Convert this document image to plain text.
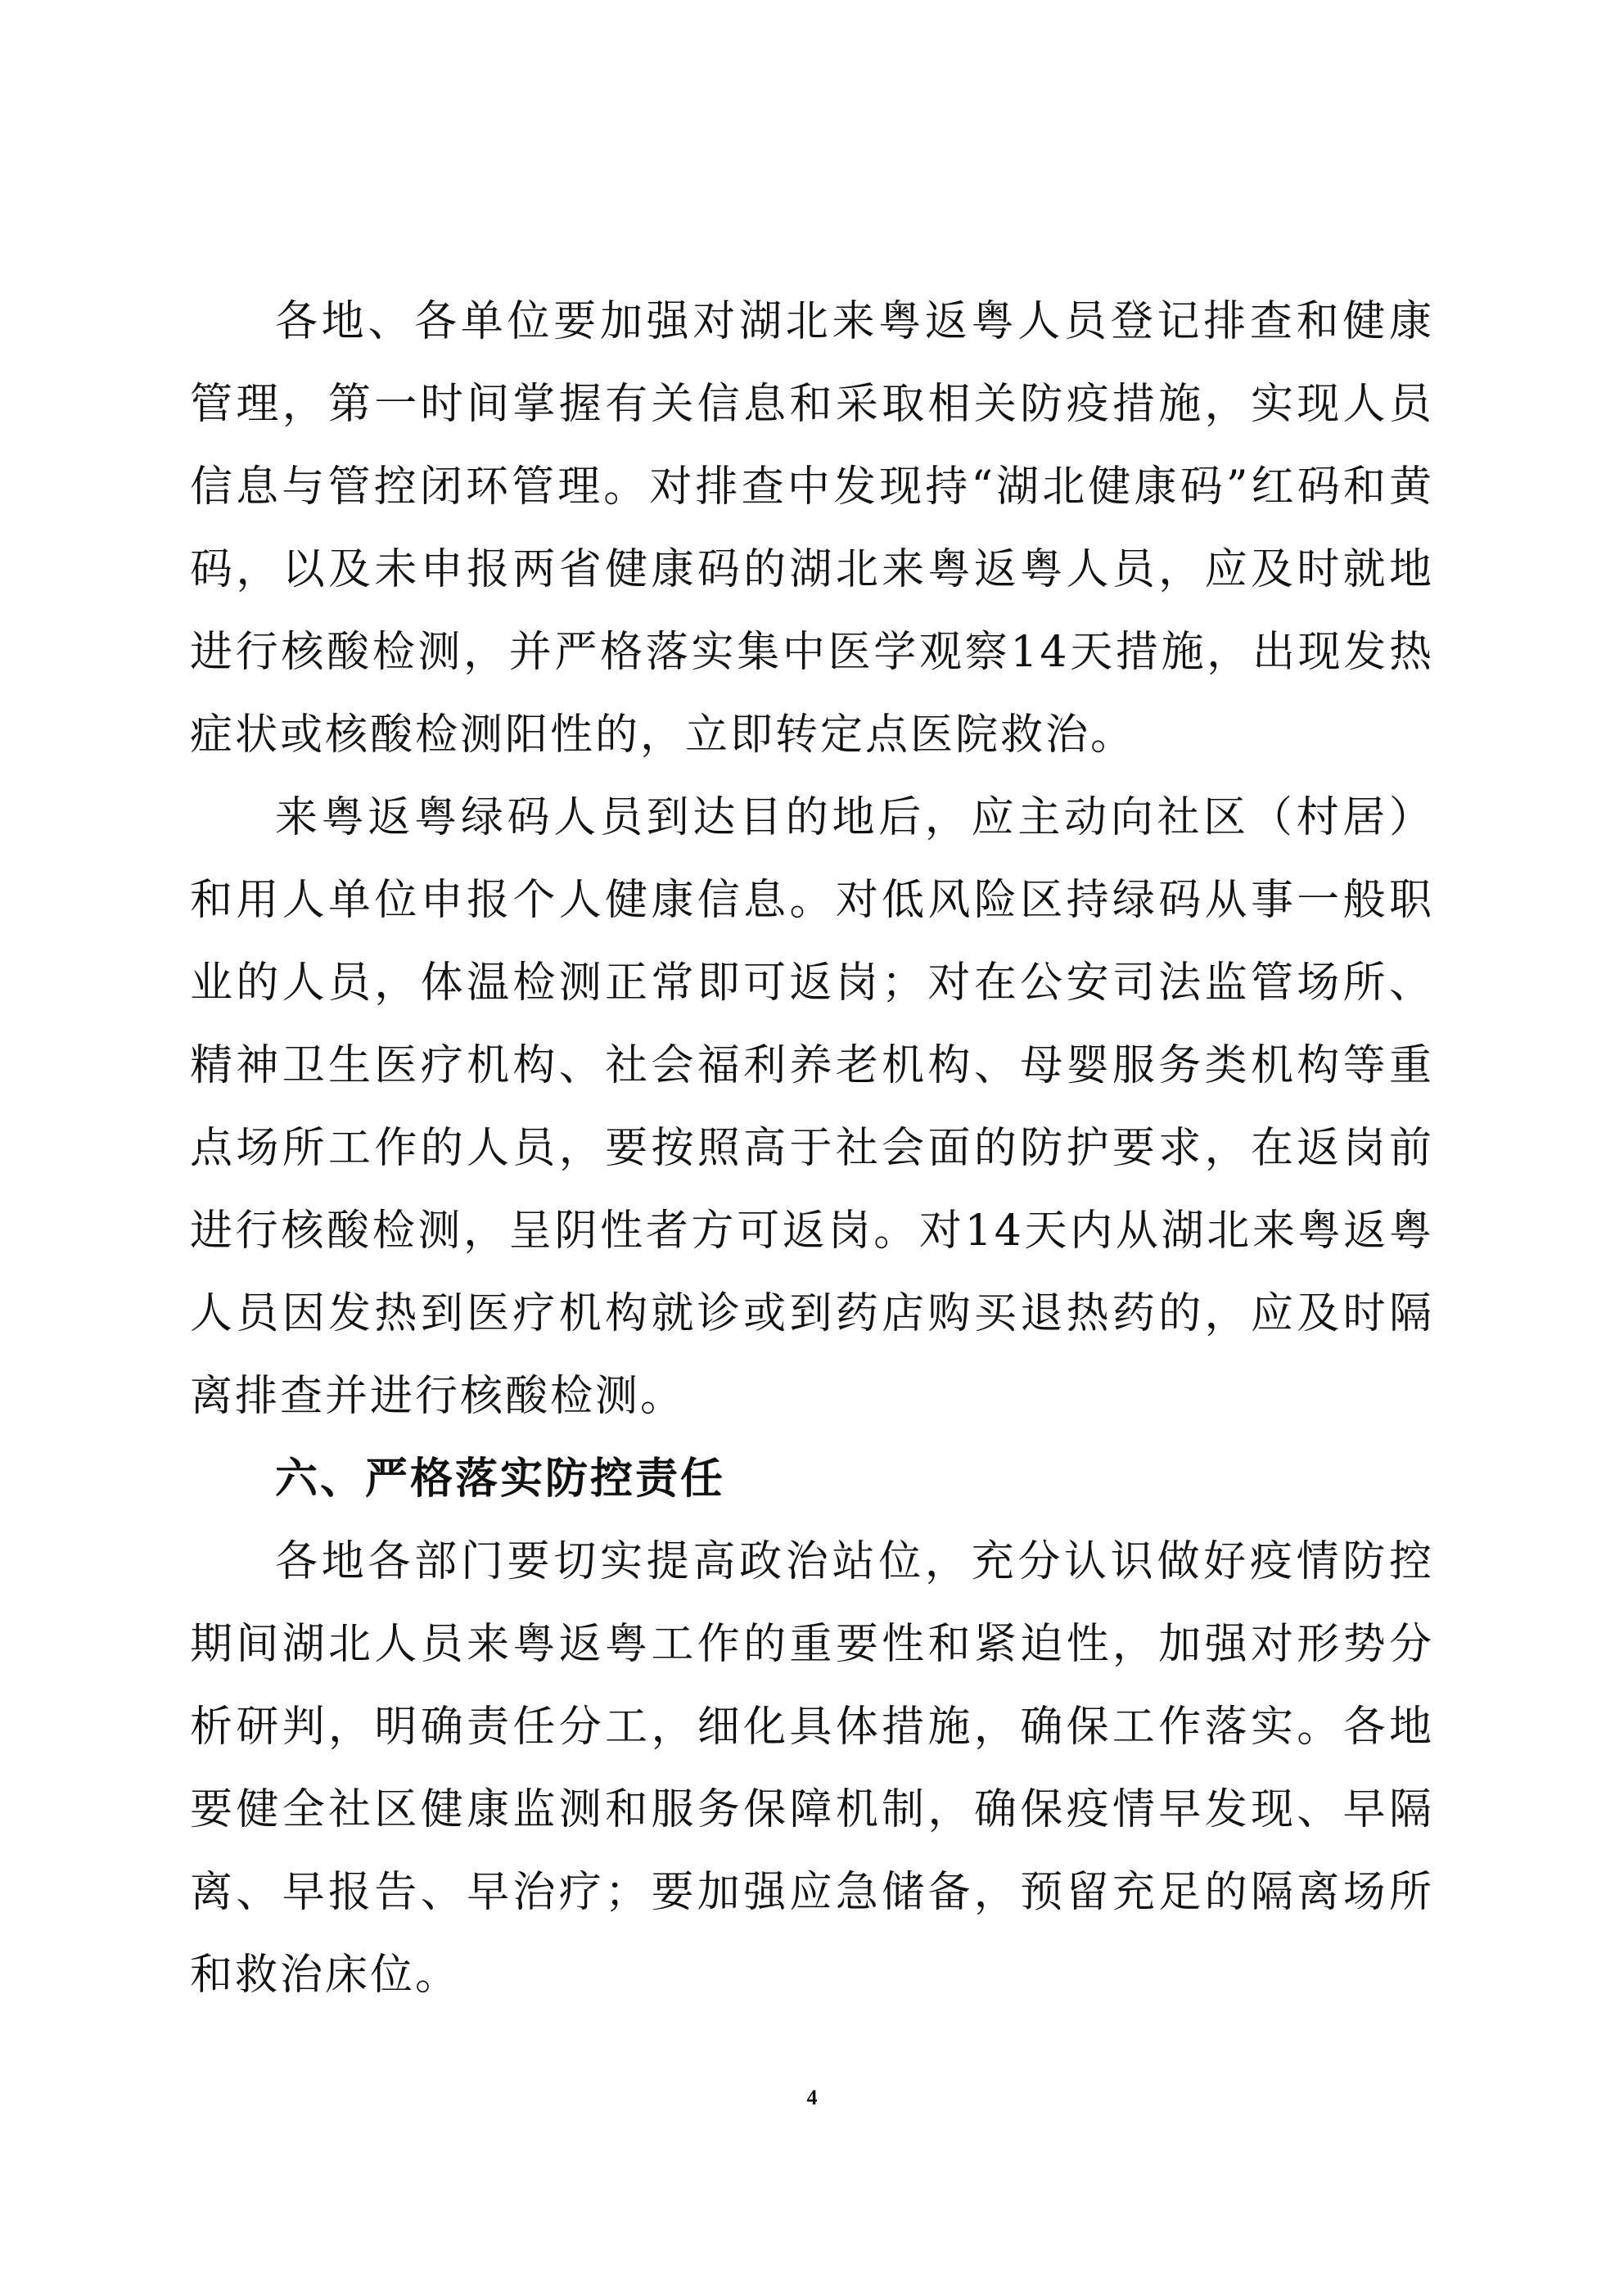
各地、各单位要加强对湖北来粤返粤人员登记排查和健康管理，第一时间掌握有关信息和采取相关防疫措施，实现人员信息与管控闭环管理。对排查中发现持“湖北健康码”红码和黄码，以及未申报两省健康码的湖北来粤返粤人员，应及时就地进行核酸检测，并严格落实集中医学观察14天措施，出现发热症状或核酸检测阳性的，立即转定点医院救治。

来粤返粤绿码人员到达目的地后，应主动向社区（村居）和用人单位申报个人健康信息。对低风险区持绿码从事一般职业的人员，体温检测正常即可返岗；对在公安司法监管场所、精神卫生医疗机构、社会福利养老机构、母婴服务类机构等重点场所工作的人员，要按照高于社会面的防护要求，在返岗前进行核酸检测，呈阴性者方可返岗。对14天内从湖北来粤返粤人员因发热到医疗机构就诊或到药店购买退热药的，应及时隔离排查并进行核酸检测。

六、严格落实防控责任

各地各部门要切实提高政治站位，充分认识做好疫情防控期间湖北人员来粤返粤工作的重要性和紧迫性，加强对形势分析研判，明确责任分工，细化具体措施，确保工作落实。各地要健全社区健康监测和服务保障机制，确保疫情早发现、早隔离、早报告、早治疗；要加强应急储备，预留充足的隔离场所和救治床位。

4
